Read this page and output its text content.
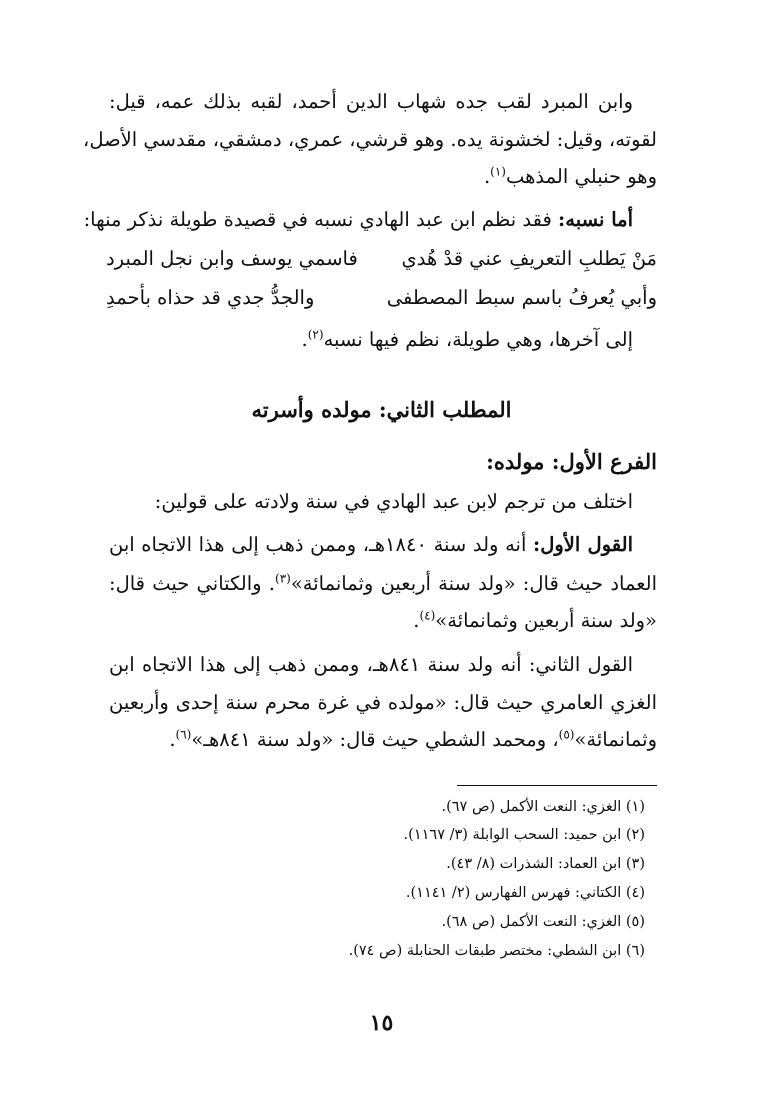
وابن المبرد لقب جده شهاب الدين أحمد، لقبه بذلك عمه، قيل:
لقوته، وقيل: لخشونة يده. وهو قرشي، عمري، دمشقي، مقدسي الأصل،
وهو حنبلي المذهب$^{(١)}$.
أما نسبه: فقد نظم ابن عبد الهادي نسبه في قصيدة طويلة نذكر منها:
مَنْ يَطلبِ التعريفِ عني قدْ هُدي
فاسمي يوسف وابن نجل المبرد
وأبي يُعرفُ باسم سبط المصطفى
والجدُّ جدي قد حذاه بأحمدِ
إلى آخرها، وهي طويلة، نظم فيها نسبه$^{(٢)}$.
المطلب الثاني: مولده وأسرته
الفرع الأول: مولده:
اختلف من ترجم لابن عبد الهادي في سنة ولادته على قولين:
القول الأول: أنه ولد سنة ١٨٤٠هـ، وممن ذهب إلى هذا الاتجاه ابن
العماد حيث قال: «ولد سنة أربعين وثمانمائة»$^{(٣)}$. والكتاني حيث قال:
«ولد سنة أربعين وثمانمائة»$^{(٤)}$.
القول الثاني: أنه ولد سنة ٨٤١هـ، وممن ذهب إلى هذا الاتجاه ابن
الغزي العامري حيث قال: «مولده في غرة محرم سنة إحدى وأربعين
وثمانمائة»$^{(٥)}$، ومحمد الشطي حيث قال: «ولد سنة ٨٤١هـ»$^{(٦)}$.
(١) الغزي: النعت الأكمل (ص ٦٧).
(٢) ابن حميد: السحب الوابلة (٣/ ١١٦٧).
(٣) ابن العماد: الشذرات (٨/ ٤٣).
(٤) الكتاني: فهرس الفهارس (٢/ ١١٤١).
(٥) الغزي: النعت الأكمل (ص ٦٨).
(٦) ابن الشطي: مختصر طبقات الحنابلة (ص ٧٤).
١٥
